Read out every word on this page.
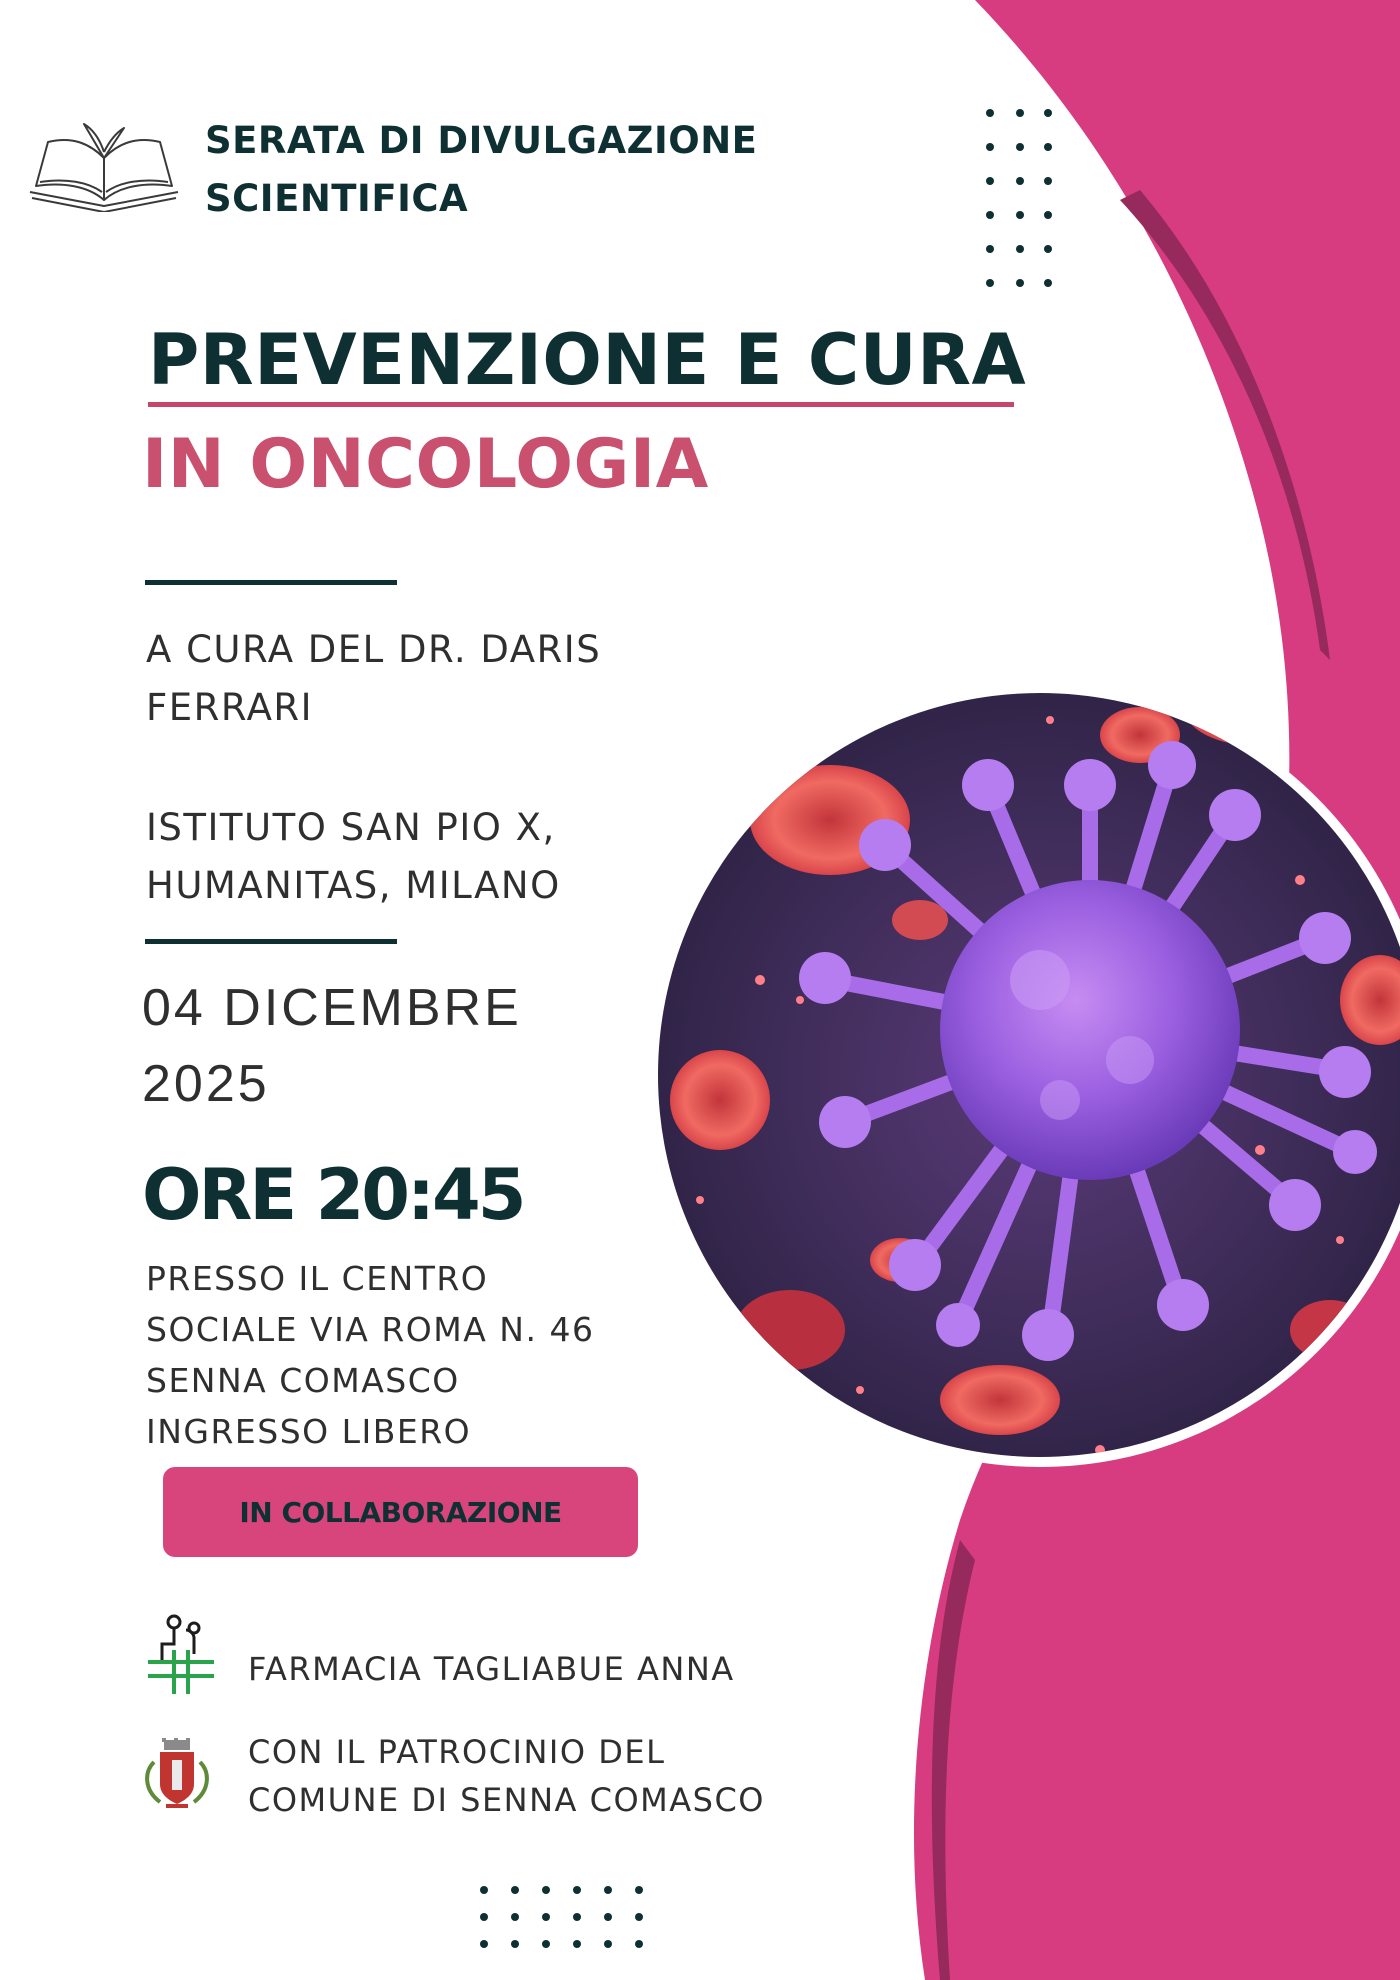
SERATA DI DIVULGAZIONE
SCIENTIFICA
PREVENZIONE E CURA
IN ONCOLOGIA
A CURA DEL DR. DARIS
FERRARI
ISTITUTO SAN PIO X,
HUMANITAS, MILANO
04 DICEMBRE
2025
ORE 20:45
PRESSO IL CENTRO
SOCIALE VIA ROMA N. 46
SENNA COMASCO
INGRESSO LIBERO
IN COLLABORAZIONE
FARMACIA TAGLIABUE ANNA
CON IL PATROCINIO DEL
COMUNE DI SENNA COMASCO
